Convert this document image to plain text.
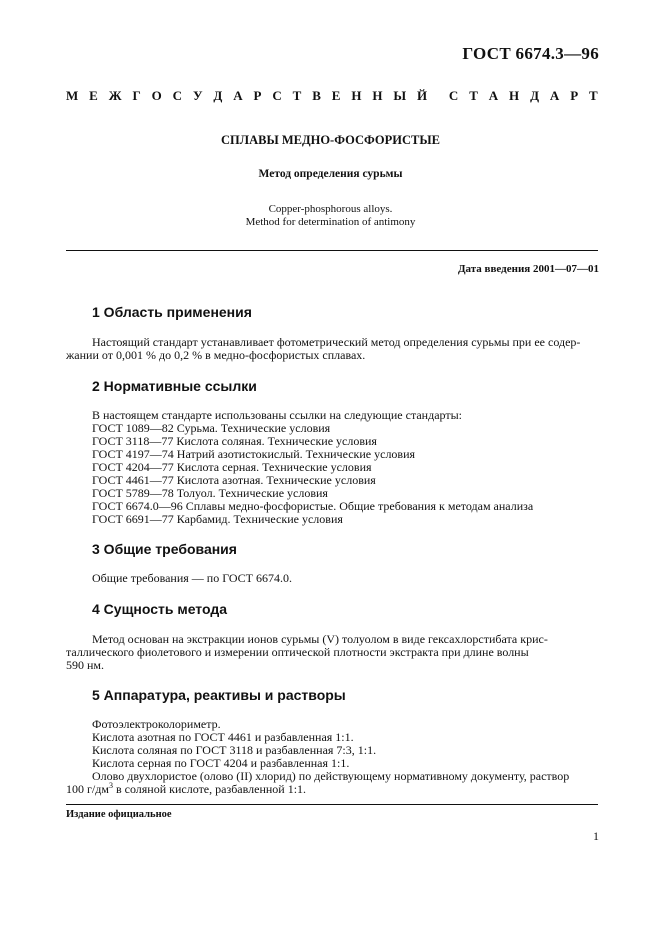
ГОСТ 6674.3—96
М Е Ж Г О С У Д А Р С Т В Е Н Н Ы Й С Т А Н Д А Р Т
СПЛАВЫ МЕДНО-ФОСФОРИСТЫЕ
Метод определения сурьмы
Copper-phosphorous alloys.
Method for determination of antimony
Дата введения 2001—07—01
1 Область применения
Настоящий стандарт устанавливает фотометрический метод определения сурьмы при ее содер-
жании от 0,001 % до 0,2 % в медно-фосфористых сплавах.
2 Нормативные ссылки
В настоящем стандарте использованы ссылки на следующие стандарты:
ГОСТ 1089—82 Сурьма. Технические условия
ГОСТ 3118—77 Кислота соляная. Технические условия
ГОСТ 4197—74 Натрий азотистокислый. Технические условия
ГОСТ 4204—77 Кислота серная. Технические условия
ГОСТ 4461—77 Кислота азотная. Технические условия
ГОСТ 5789—78 Толуол. Технические условия
ГОСТ 6674.0—96 Сплавы медно-фосфористые. Общие требования к методам анализа
ГОСТ 6691—77 Карбамид. Технические условия
3 Общие требования
Общие требования — по ГОСТ 6674.0.
4 Сущность метода
Метод основан на экстракции ионов сурьмы (V) толуолом в виде гексахлорстибата крис-
таллического фиолетового и измерении оптической плотности экстракта при длине волны
590 нм.
5 Аппаратура, реактивы и растворы
Фотоэлектроколориметр.
Кислота азотная по ГОСТ 4461 и разбавленная 1:1.
Кислота соляная по ГОСТ 3118 и разбавленная 7:3, 1:1.
Кислота серная по ГОСТ 4204 и разбавленная 1:1.
Олово двухлористое (олово (II) хлорид) по действующему нормативному документу, раствор
100 $г/дм^3$ в соляной кислоте, разбавленной 1:1.
Издание официальное
1
